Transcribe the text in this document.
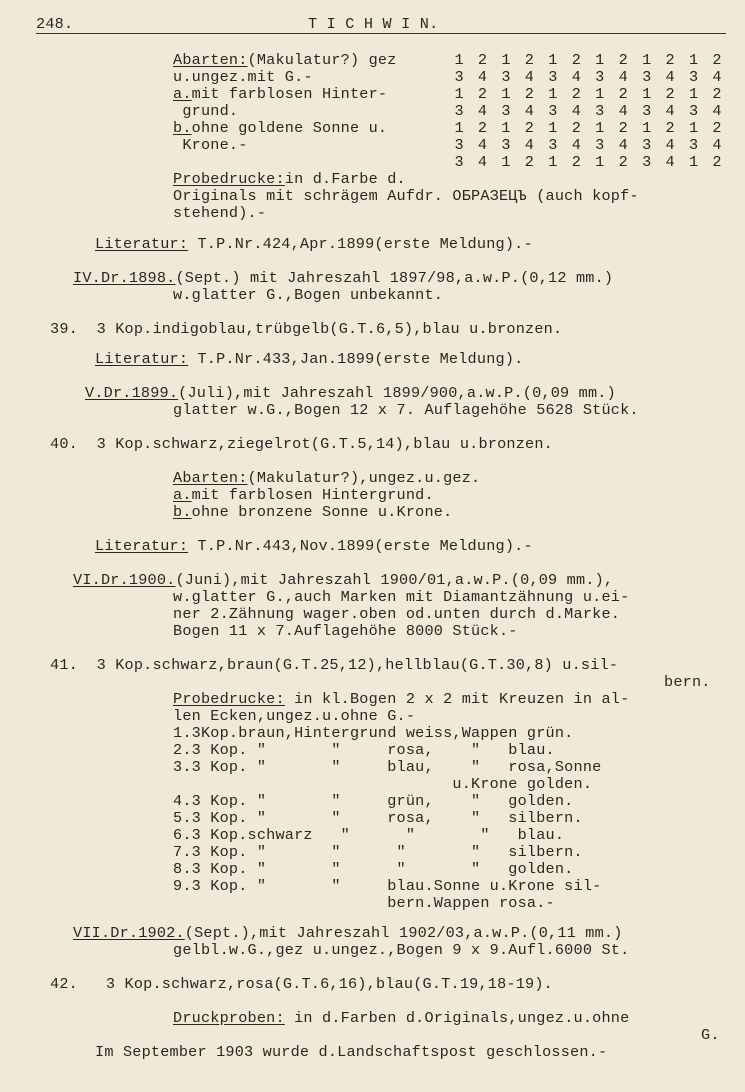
248.	T I C H W I N.
Abarten:(Makulatur?) gez
u.ungez.mit G.-
a.mit farblosen Hinter-
grund.
b.ohne goldene Sonne u.
Krone.-
1 2 1 2 1 2 1 2 1 2 1 2
3 4 3 4 3 4 3 4 3 4 3 4
1 2 1 2 1 2 1 2 1 2 1 2
3 4 3 4 3 4 3 4 3 4 3 4
1 2 1 2 1 2 1 2 1 2 1 2
3 4 3 4 3 4 3 4 3 4 3 4
3 4 1 2 1 2 1 2 3 4 1 2
Probedrucke:in d.Farbe d.
Originals mit schrägem Aufdr. ОБРАЗЕЦЪ (auch kopf-
stehend).-
Literatur: T.P.Nr.424,Apr.1899(erste Meldung).-
IV.Dr.1898.(Sept.) mit Jahreszahl 1897/98,a.w.P.(0,12 mm.)
w.glatter G.,Bogen unbekannt.
39.  3 Kop.indigoblau,trübgelb(G.T.6,5),blau u.bronzen.
Literatur: T.P.Nr.433,Jan.1899(erste Meldung).
V.Dr.1899.(Juli),mit Jahreszahl 1899/900,a.w.P.(0,09 mm.)
glatter w.G.,Bogen 12 x 7. Auflagehöhe 5628 Stück.
40.  3 Kop.schwarz,ziegelrot(G.T.5,14),blau u.bronzen.
Abarten:(Makulatur?),ungez.u.gez.
a.mit farblosen Hintergrund.
b.ohne bronzene Sonne u.Krone.
Literatur: T.P.Nr.443,Nov.1899(erste Meldung).-
VI.Dr.1900.(Juni),mit Jahreszahl 1900/01,a.w.P.(0,09 mm.),
w.glatter G.,auch Marken mit Diamantzähnung u.ei-
ner 2.Zähnung wager.oben od.unten durch d.Marke.
Bogen 11 x 7.Auflagehöhe 8000 Stück.-
41.  3 Kop.schwarz,braun(G.T.25,12),hellblau(G.T.30,8) u.sil-
bern.
Probedrucke: in kl.Bogen 2 x 2 mit Kreuzen in al-
len Ecken,ungez.u.ohne G.-
1.3Kop.braun,Hintergrund weiss,Wappen grün.
2.3 Kop. "       "     rosa,    "   blau.
3.3 Kop. "       "     blau,    "   rosa,Sonne
u.Krone golden.
4.3 Kop. "       "     grün,    "   golden.
5.3 Kop. "       "     rosa,    "   silbern.
6.3 Kop.schwarz   "      "       "   blau.
7.3 Kop. "       "      "       "   silbern.
8.3 Kop. "       "      "       "   golden.
9.3 Kop. "       "     blau.Sonne u.Krone sil-
bern.Wappen rosa.-
VII.Dr.1902.(Sept.),mit Jahreszahl 1902/03,a.w.P.(0,11 mm.)
gelbl.w.G.,gez u.ungez.,Bogen 9 x 9.Aufl.6000 St.
42.   3 Kop.schwarz,rosa(G.T.6,16),blau(G.T.19,18-19).
Druckproben: in d.Farben d.Originals,ungez.u.ohne
G.
Im September 1903 wurde d.Landschaftspost geschlossen.-
